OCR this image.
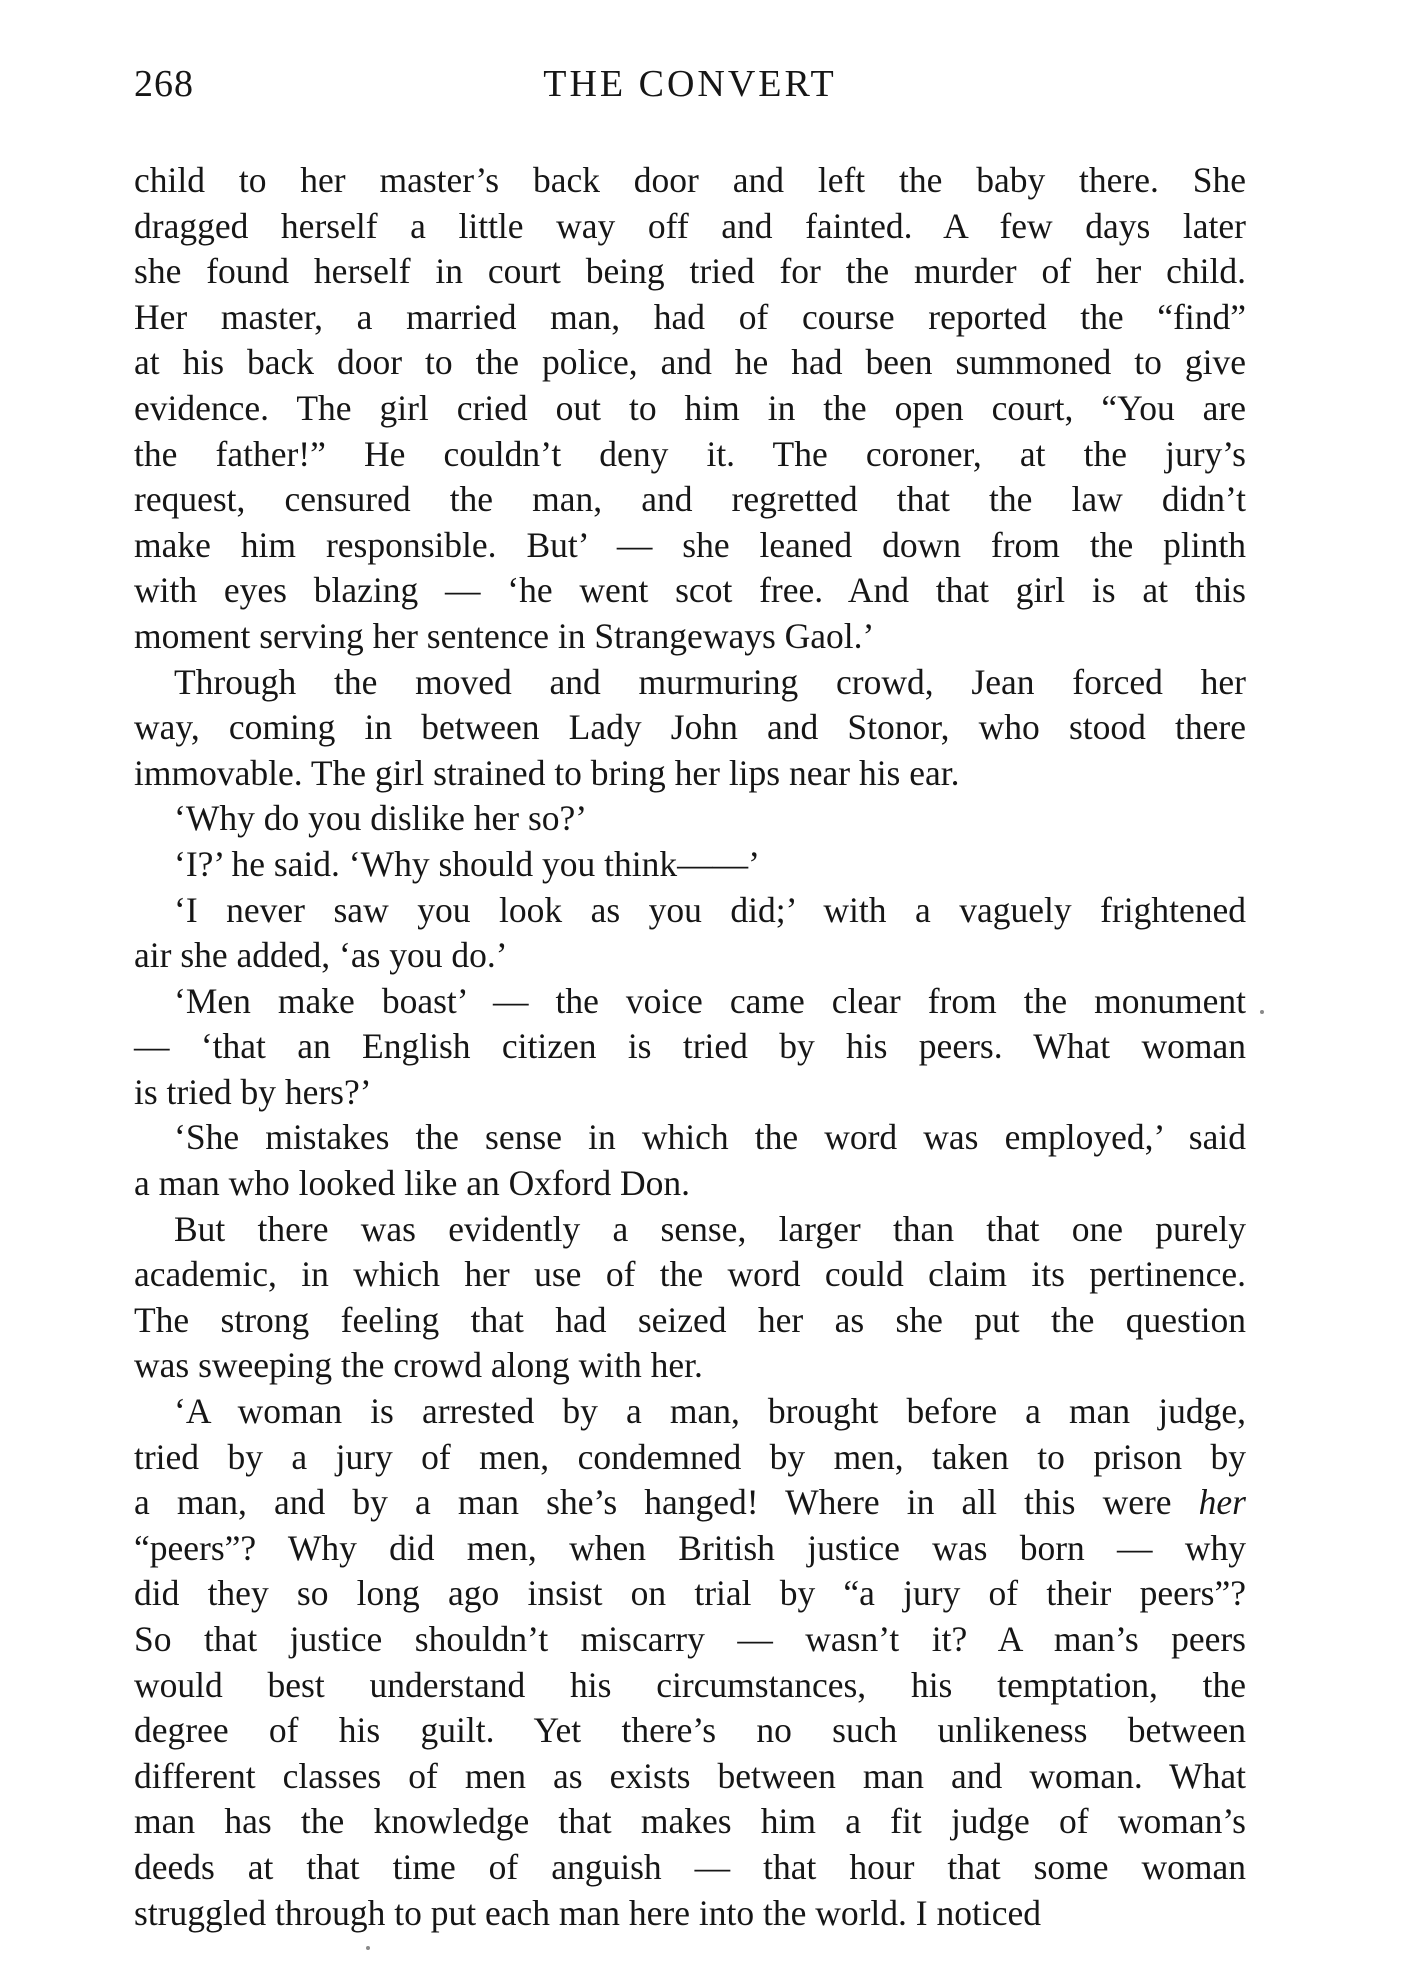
268	THE CONVERT
child to her master’s back door and left the baby there. She
dragged herself a little way off and fainted. A few days later
she found herself in court being tried for the murder of her child.
Her master, a married man, had of course reported the “find”
at his back door to the police, and he had been summoned to give
evidence. The girl cried out to him in the open court, “You are
the father!” He couldn’t deny it. The coroner, at the jury’s
request, censured the man, and regretted that the law didn’t
make him responsible. But’ — she leaned down from the plinth
with eyes blazing — ‘he went scot free. And that girl is at this
moment serving her sentence in Strangeways Gaol.’
Through the moved and murmuring crowd, Jean forced her
way, coming in between Lady John and Stonor, who stood there
immovable. The girl strained to bring her lips near his ear.
‘Why do you dislike her so?’
‘I?’ he said. ‘Why should you think——’
‘I never saw you look as you did;’ with a vaguely frightened
air she added, ‘as you do.’
‘Men make boast’ — the voice came clear from the monument
— ‘that an English citizen is tried by his peers. What woman
is tried by hers?’
‘She mistakes the sense in which the word was employed,’ said
a man who looked like an Oxford Don.
But there was evidently a sense, larger than that one purely
academic, in which her use of the word could claim its pertinence.
The strong feeling that had seized her as she put the question
was sweeping the crowd along with her.
‘A woman is arrested by a man, brought before a man judge,
tried by a jury of men, condemned by men, taken to prison by
a man, and by a man she’s hanged! Where in all this were her
“peers”? Why did men, when British justice was born — why
did they so long ago insist on trial by “a jury of their peers”?
So that justice shouldn’t miscarry — wasn’t it? A man’s peers
would best understand his circumstances, his temptation, the
degree of his guilt. Yet there’s no such unlikeness between
different classes of men as exists between man and woman. What
man has the knowledge that makes him a fit judge of woman’s
deeds at that time of anguish — that hour that some woman
struggled through to put each man here into the world. I noticed
